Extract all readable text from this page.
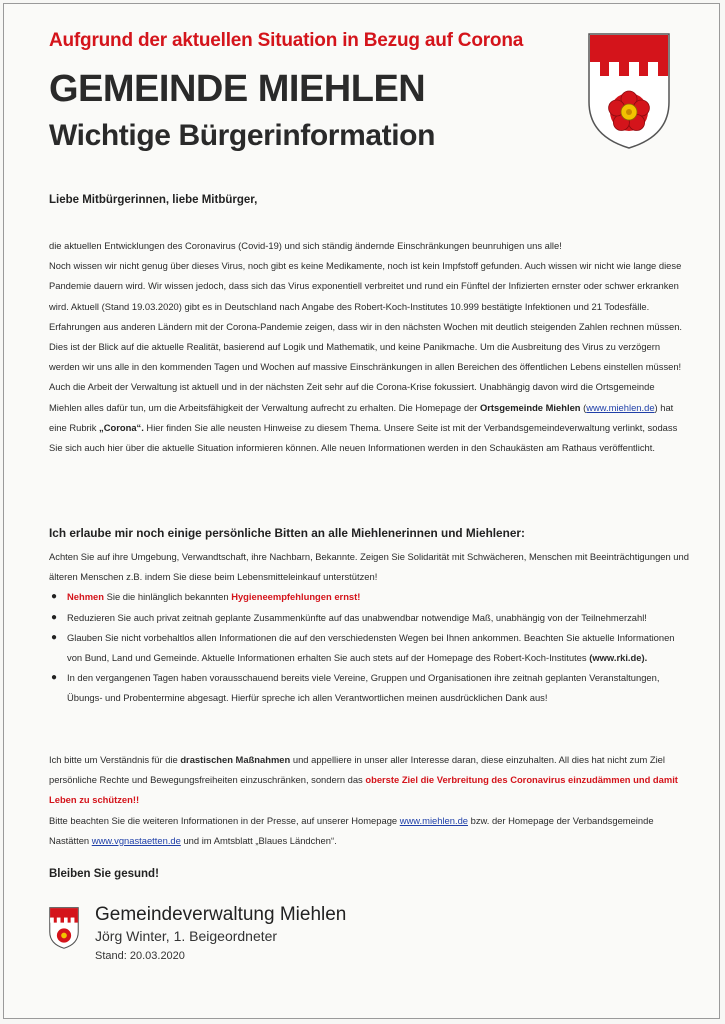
Aufgrund der aktuellen Situation in Bezug auf Corona
GEMEINDE MIEHLEN
Wichtige Bürgerinformation
Liebe Mitbürgerinnen, liebe Mitbürger,

die aktuellen Entwicklungen des Coronavirus (Covid-19) und sich ständig ändernde Einschränkungen beunruhigen uns alle!

Noch wissen wir nicht genug über dieses Virus, noch gibt es keine Medikamente, noch ist kein Impfstoff gefunden. Auch wissen wir nicht wie lange diese Pandemie dauern wird. Wir wissen jedoch, dass sich das Virus exponentiell verbreitet und rund ein Fünftel der Infizierten ernster oder schwer erkranken wird. Aktuell (Stand 19.03.2020) gibt es in Deutschland nach Angabe des Robert-Koch-Institutes 10.999 bestätigte Infektionen und 21 Todesfälle. Erfahrungen aus anderen Ländern mit der Corona-Pandemie zeigen, dass wir in den nächsten Wochen mit deutlich steigenden Zahlen rechnen müssen. Dies ist der Blick auf die aktuelle Realität, basierend auf Logik und Mathematik, und keine Panikmache. Um die Ausbreitung des Virus zu verzögern werden wir uns alle in den kommenden Tagen und Wochen auf massive Einschränkungen in allen Bereichen des öffentlichen Lebens einstellen müssen!

Auch die Arbeit der Verwaltung ist aktuell und in der nächsten Zeit sehr auf die Corona-Krise fokussiert. Unabhängig davon wird die Ortsgemeinde Miehlen alles dafür tun, um die Arbeitsfähigkeit der Verwaltung aufrecht zu erhalten. Die Homepage der Ortsgemeinde Miehlen (www.miehlen.de) hat eine Rubrik „Corona“. Hier finden Sie alle neusten Hinweise zu diesem Thema. Unsere Seite ist mit der Verbandsgemeindeverwaltung verlinkt, sodass Sie sich auch hier über die aktuelle Situation informieren können. Alle neuen Informationen werden in den Schaukästen am Rathaus veröffentlicht.

Ich erlaube mir noch einige persönliche Bitten an alle Miehlenerinnen und Miehlener:

Achten Sie auf ihre Umgebung, Verwandtschaft, ihre Nachbarn, Bekannte. Zeigen Sie Solidarität mit Schwächeren, Menschen mit Beeinträchtigungen und älteren Menschen z.B. indem Sie diese beim Lebensmitteleinkauf unterstützen!

● Nehmen Sie die hinlänglich bekannten Hygieneempfehlungen ernst!
● Reduzieren Sie auch privat zeitnah geplante Zusammenkünfte auf das unabwendbar notwendige Maß, unabhängig von der Teilnehmerzahl!
● Glauben Sie nicht vorbehaltlos allen Informationen die auf den verschiedensten Wegen bei Ihnen ankommen. Beachten Sie aktuelle Informationen von Bund, Land und Gemeinde. Aktuelle Informationen erhalten Sie auch stets auf der Homepage des Robert-Koch-Institutes (www.rki.de).
● In den vergangenen Tagen haben vorausschauend bereits viele Vereine, Gruppen und Organisationen ihre zeitnah geplanten Veranstaltungen, Übungs- und Probentermine abgesagt. Hierfür spreche ich allen Verantwortlichen meinen ausdrücklichen Dank aus!

Ich bitte um Verständnis für die drastischen Maßnahmen und appelliere in unser aller Interesse daran, diese einzuhalten. All dies hat nicht zum Ziel persönliche Rechte und Bewegungsfreiheiten einzuschränken, sondern das oberste Ziel die Verbreitung des Coronavirus einzudämmen und damit Leben zu schützen!!

Bitte beachten Sie die weiteren Informationen in der Presse, auf unserer Homepage www.miehlen.de bzw. der Homepage der Verbandsgemeinde Nastätten www.vgnastaetten.de und im Amtsblatt „Blaues Ländchen“.

Bleiben Sie gesund!
Gemeindeverwaltung Miehlen
Jörg Winter, 1. Beigeordneter
Stand: 20.03.2020
